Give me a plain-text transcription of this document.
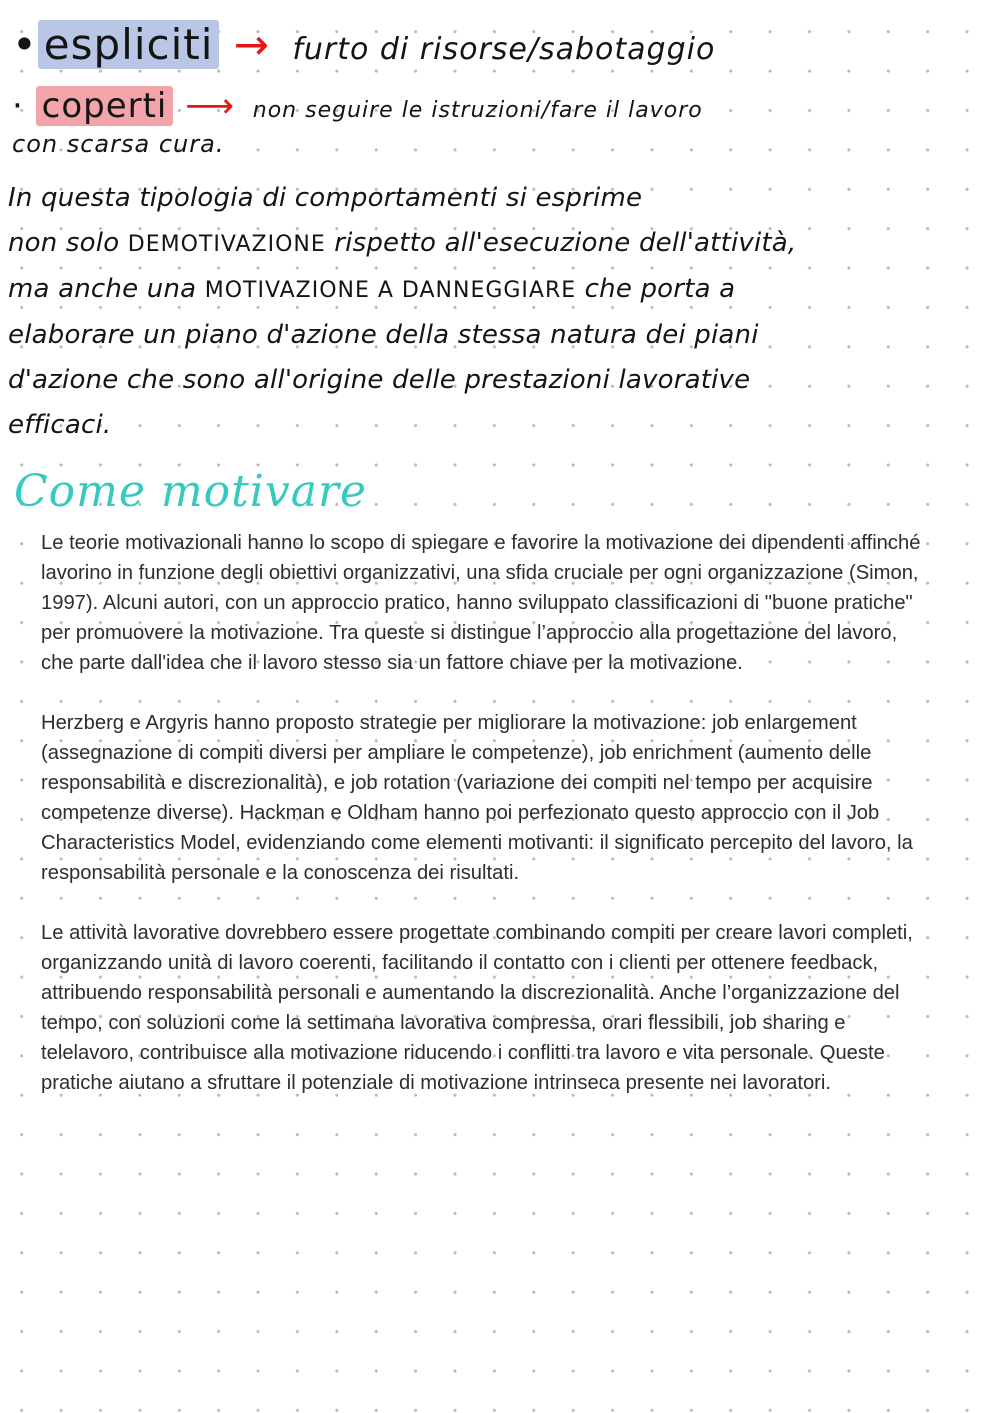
• espliciti → furto di risorse/sabotaggio
· coperti ⟶ non seguire le istruzioni/fare il lavoro
con scarsa cura.
In questa tipologia di comportamenti si esprime
non solo DEMOTIVAZIONE rispetto all'esecuzione dell'attività,
ma anche una MOTIVAZIONE A DANNEGGIARE che porta a
elaborare un piano d'azione della stessa natura dei piani
d'azione che sono all'origine delle prestazioni lavorative
efficaci.
Come motivare

Le teorie motivazionali hanno lo scopo di spiegare e favorire la motivazione dei dipendenti affinché lavorino in funzione degli obiettivi organizzativi, una sfida cruciale per ogni organizzazione (Simon, 1997). Alcuni autori, con un approccio pratico, hanno sviluppato classificazioni di "buone pratiche" per promuovere la motivazione. Tra queste si distingue l’approccio alla progettazione del lavoro, che parte dall'idea che il lavoro stesso sia un fattore chiave per la motivazione.

Herzberg e Argyris hanno proposto strategie per migliorare la motivazione: job enlargement (assegnazione di compiti diversi per ampliare le competenze), job enrichment (aumento delle responsabilità e discrezionalità), e job rotation (variazione dei compiti nel tempo per acquisire competenze diverse). Hackman e Oldham hanno poi perfezionato questo approccio con il Job Characteristics Model, evidenziando come elementi motivanti: il significato percepito del lavoro, la responsabilità personale e la conoscenza dei risultati.

Le attività lavorative dovrebbero essere progettate combinando compiti per creare lavori completi, organizzando unità di lavoro coerenti, facilitando il contatto con i clienti per ottenere feedback, attribuendo responsabilità personali e aumentando la discrezionalità. Anche l’organizzazione del tempo, con soluzioni come la settimana lavorativa compressa, orari flessibili, job sharing e telelavoro, contribuisce alla motivazione riducendo i conflitti tra lavoro e vita personale. Queste pratiche aiutano a sfruttare il potenziale di motivazione intrinseca presente nei lavoratori.
